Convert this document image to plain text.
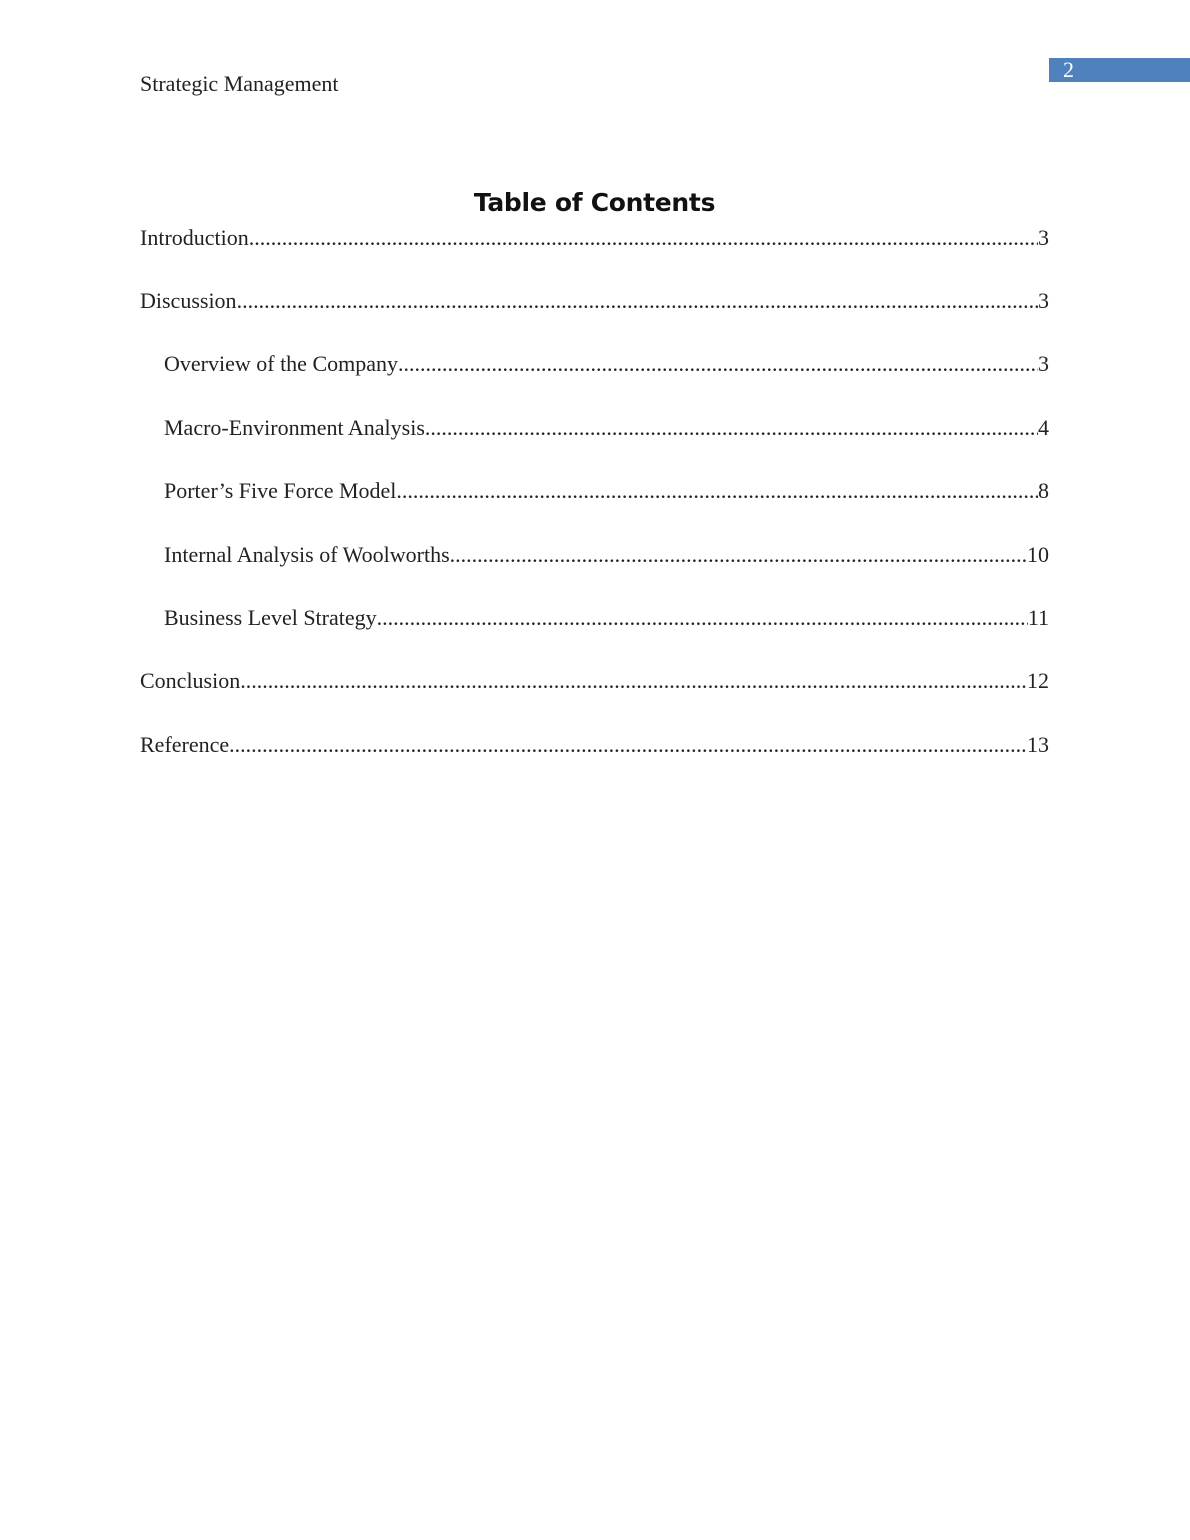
Strategic Management
2
Table of Contents
Introduction .....	3
Discussion .....	3
Overview of the Company .....	3
Macro-Environment Analysis .....	4
Porter’s Five Force Model .....	8
Internal Analysis of Woolworths .....	10
Business Level Strategy .....	11
Conclusion .....	12
Reference .....	13
